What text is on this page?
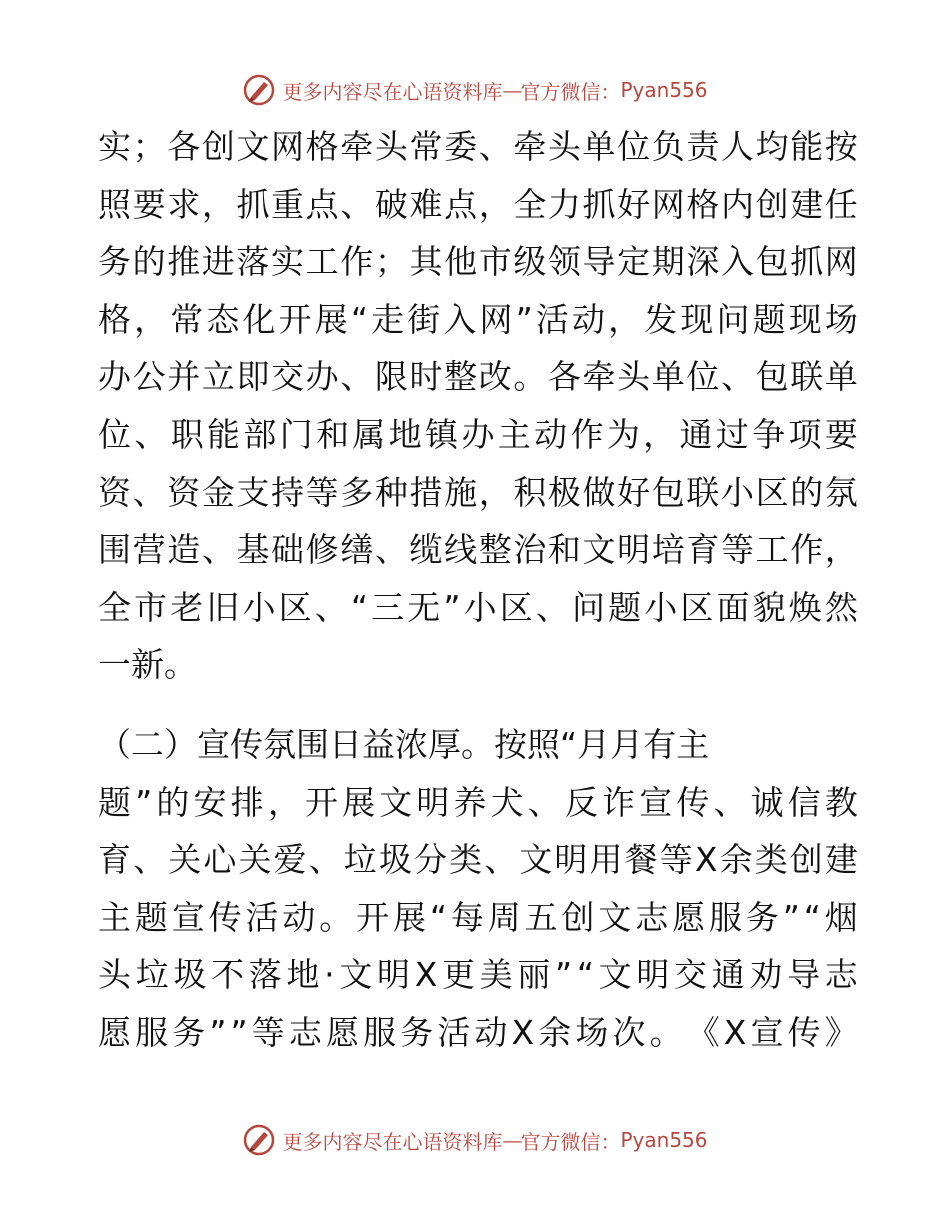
更多内容尽在心语资料库 — 官方微信： Pyan556
实 ； 各 创 文 网 格 牵 头 常 委 、 牵 头 单 位 负 责 人 均 能 按
照 要 求 ， 抓 重 点 、 破 难 点 ， 全 力 抓 好 网 格 内 创 建 任
务 的 推 进 落 实 工 作 ； 其 他 市 级 领 导 定 期 深 入 包 抓 网
格 ， 常 态 化 开 展 “ 走 街 入 网 ” 活 动 ， 发 现 问 题 现 场
办 公 并 立 即 交 办 、 限 时 整 改 。 各 牵 头 单 位 、 包 联 单
位 、 职 能 部 门 和 属 地 镇 办 主 动 作 为 ， 通 过 争 项 要
资 、 资 金 支 持 等 多 种 措 施 ， 积 极 做 好 包 联 小 区 的 氛
围 营 造 、 基 础 修 缮 、 缆 线 整 治 和 文 明 培 育 等 工 作 ，
全 市 老 旧 小 区 、 “ 三 无 ” 小 区 、 问 题 小 区 面 貌 焕 然
一 新 。
（ 二 ） 宣 传 氛 围 日 益 浓 厚 。 按 照 “ 月 月 有 主
题 ” 的 安 排 ， 开 展 文 明 养 犬 、 反 诈 宣 传 、 诚 信 教
育 、 关 心 关 爱 、 垃 圾 分 类 、 文 明 用 餐 等 X 余 类 创 建
主 题 宣 传 活 动 。 开 展 “ 每 周 五 创 文 志 愿 服 务 ” “ 烟
头 垃 圾 不 落 地 · 文 明 X 更 美 丽 ” “ 文 明 交 通 劝 导 志
愿 服 务 ” ” 等 志 愿 服 务 活 动 X 余 场 次 。 《 X 宣 传 》
更多内容尽在心语资料库 — 官方微信： Pyan556
